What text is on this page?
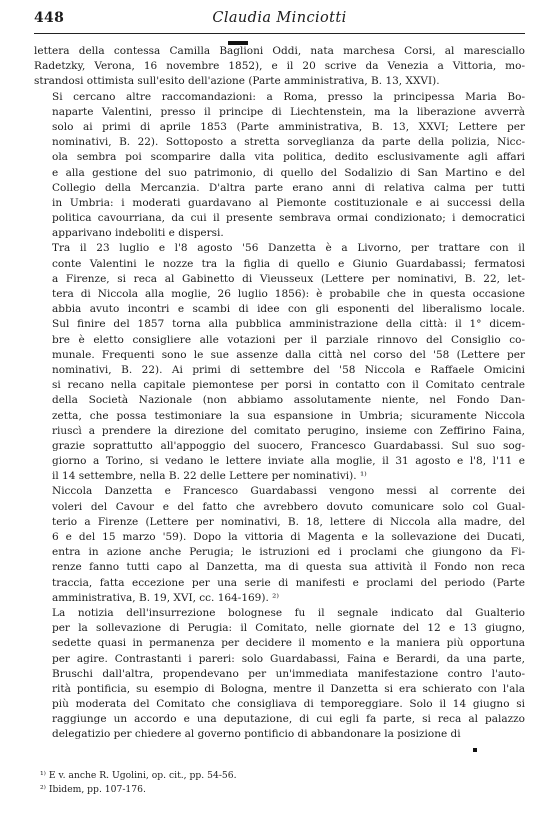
448	Claudia Minciotti

lettera della contessa Camilla Baglioni Oddi, nata marchesa Corsi, al maresciallo
Radetzky, Verona, 16 novembre 1852), e il 20 scrive da Venezia a Vittoria, mo-
strandosi ottimista sull'esito dell'azione (Parte amministrativa, B. 13, XXVI).

Si cercano altre raccomandazioni: a Roma, presso la principessa Maria Bo-
naparte Valentini, presso il principe di Liechtenstein, ma la liberazione avverrà
solo ai primi di aprile 1853 (Parte amministrativa, B. 13, XXVI; Lettere per
nominativi, B. 22). Sottoposto a stretta sorveglianza da parte della polizia, Nicc-
ola sembra poi scomparire dalla vita politica, dedito esclusivamente agli affari
e alla gestione del suo patrimonio, di quello del Sodalizio di San Martino e del
Collegio della Mercanzia. D'altra parte erano anni di relativa calma per tutti
in Umbria: i moderati guardavano al Piemonte costituzionale e ai successi della
politica cavourriana, da cui il presente sembrava ormai condizionato; i democratici
apparivano indeboliti e dispersi.

Tra il 23 luglio e l'8 agosto '56 Danzetta è a Livorno, per trattare con il
conte Valentini le nozze tra la figlia di quello e Giunio Guardabassi; fermatosi
a Firenze, si reca al Gabinetto di Vieusseux (Lettere per nominativi, B. 22, let-
tera di Niccola alla moglie, 26 luglio 1856): è probabile che in questa occasione
abbia avuto incontri e scambi di idee con gli esponenti del liberalismo locale.
Sul finire del 1857 torna alla pubblica amministrazione della città: il 1° dicem-
bre è eletto consigliere alle votazioni per il parziale rinnovo del Consiglio co-
munale. Frequenti sono le sue assenze dalla città nel corso del '58 (Lettere per
nominativi, B. 22). Ai primi di settembre del '58 Niccola e Raffaele Omicini
si recano nella capitale piemontese per porsi in contatto con il Comitato centrale
della Società Nazionale (non abbiamo assolutamente niente, nel Fondo Dan-
zetta, che possa testimoniare la sua espansione in Umbria; sicuramente Niccola
riuscì a prendere la direzione del comitato perugino, insieme con Zeffirino Faina,
grazie soprattutto all'appoggio del suocero, Francesco Guardabassi. Sul suo sog-
giorno a Torino, si vedano le lettere inviate alla moglie, il 31 agosto e l'8, l'11 e
il 14 settembre, nella B. 22 delle Lettere per nominativi). ¹⁾

Niccola Danzetta e Francesco Guardabassi vengono messi al corrente dei
voleri del Cavour e del fatto che avrebbero dovuto comunicare solo col Gual-
terio a Firenze (Lettere per nominativi, B. 18, lettere di Niccola alla madre, del
6 e del 15 marzo '59). Dopo la vittoria di Magenta e la sollevazione dei Ducati,
entra in azione anche Perugia; le istruzioni ed i proclami che giungono da Fi-
renze fanno tutti capo al Danzetta, ma di questa sua attività il Fondo non reca
traccia, fatta eccezione per una serie di manifesti e proclami del periodo (Parte
amministrativa, B. 19, XVI, cc. 164-169). ²⁾

La notizia dell'insurrezione bolognese fu il segnale indicato dal Gualterio
per la sollevazione di Perugia: il Comitato, nelle giornate del 12 e 13 giugno,
sedette quasi in permanenza per decidere il momento e la maniera più opportuna
per agire. Contrastanti i pareri: solo Guardabassi, Faina e Berardi, da una parte,
Bruschi dall'altra, propendevano per un'immediata manifestazione contro l'auto-
rità pontificia, su esempio di Bologna, mentre il Danzetta si era schierato con l'ala
più moderata del Comitato che consigliava di temporeggiare. Solo il 14 giugno si
raggiunge un accordo e una deputazione, di cui egli fa parte, si reca al palazzo
delegatizio per chiedere al governo pontificio di abbandonare la posizione di

¹⁾ E v. anche R. Ugolini, op. cit., pp. 54-56.
²⁾ Ibidem, pp. 107-176.
